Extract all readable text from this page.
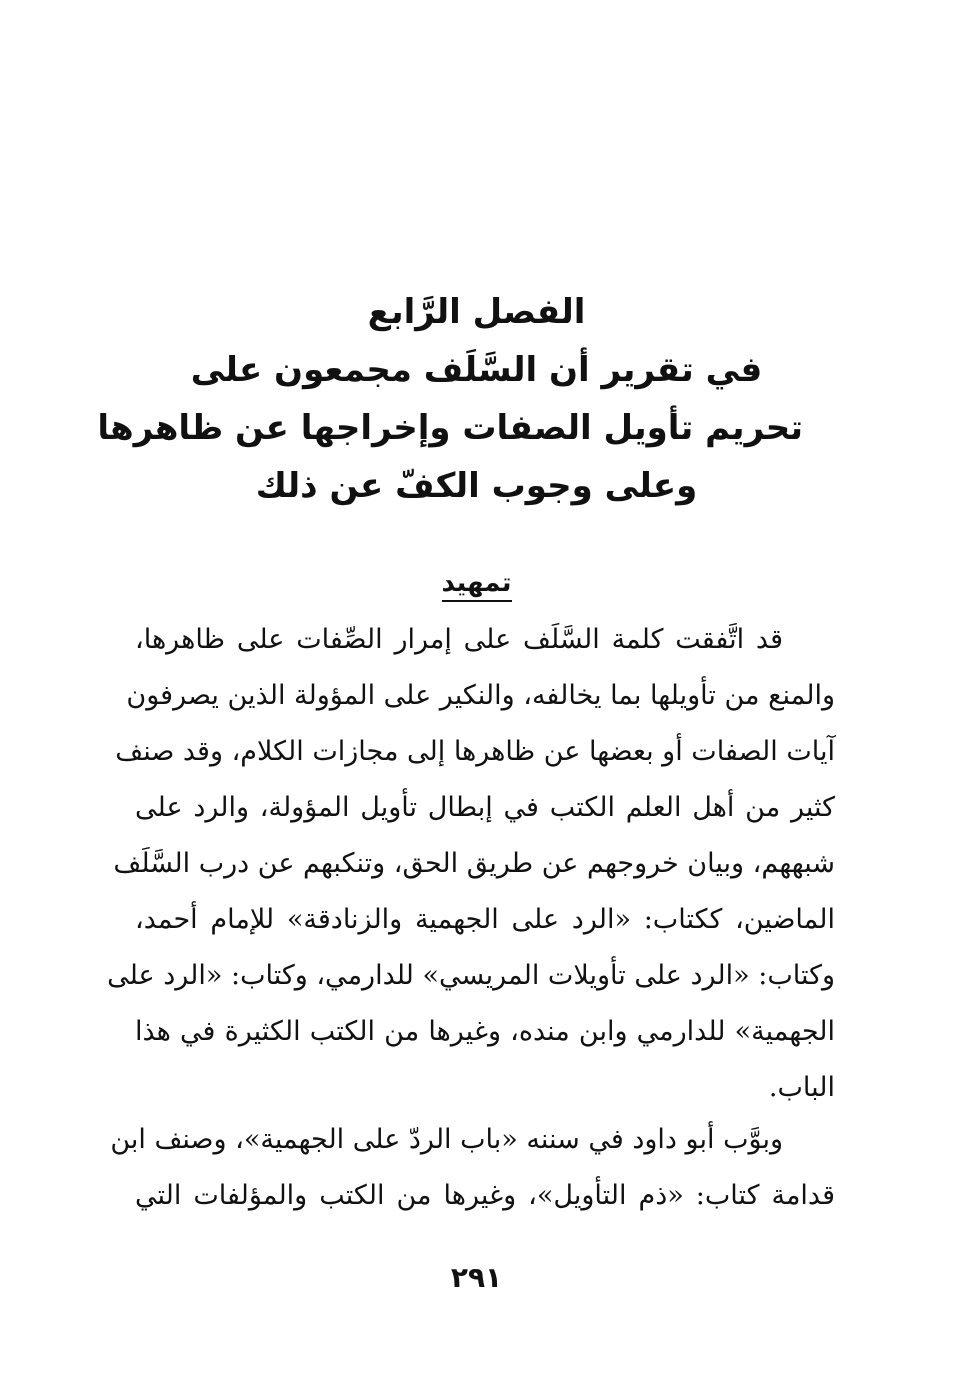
الفصل الرَّابع
في تقرير أن السَّلَف مجمعون على
تحريم تأويل الصفات وإخراجها عن ظاهرها
وعلى وجوب الكفّ عن ذلك
تمهيد
قد اتَّفقت كلمة السَّلَف على إمرار الصِّفات على ظاهرها،
والمنع من تأويلها بما يخالفه، والنكير على المؤولة الذين يصرفون
آيات الصفات أو بعضها عن ظاهرها إلى مجازات الكلام، وقد صنف
كثير من أهل العلم الكتب في إبطال تأويل المؤولة، والرد على
شبههم، وبيان خروجهم عن طريق الحق، وتنكبهم عن درب السَّلَف
الماضين، ككتاب: «الرد على الجهمية والزنادقة» للإمام أحمد،
وكتاب: «الرد على تأويلات المريسي» للدارمي، وكتاب: «الرد على
الجهمية» للدارمي وابن منده، وغيرها من الكتب الكثيرة في هذا
الباب.
وبوَّب أبو داود في سننه «باب الردّ على الجهمية»، وصنف ابن
قدامة كتاب: «ذم التأويل»، وغيرها من الكتب والمؤلفات التي
٢٩١
